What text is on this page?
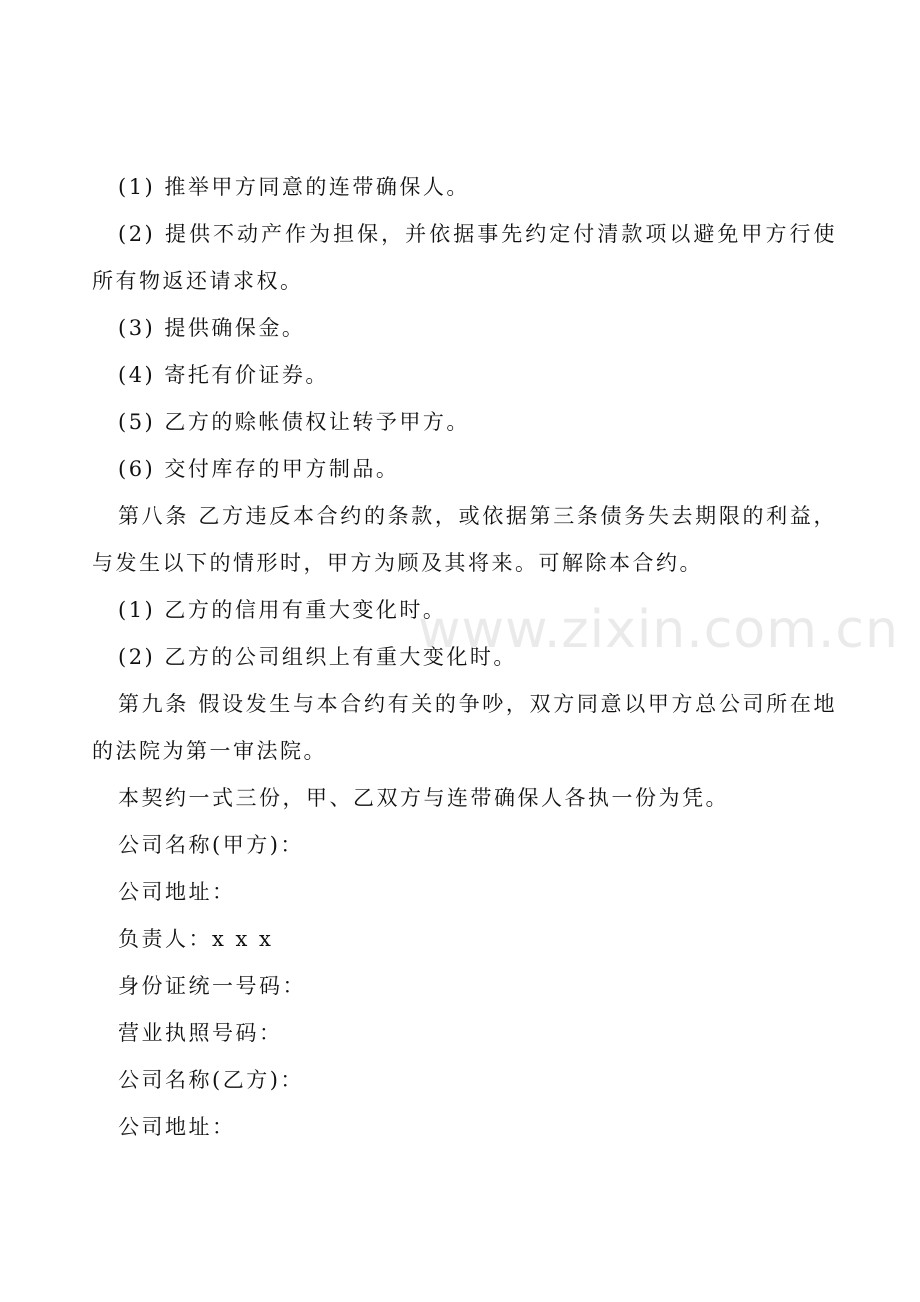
(1) 推举甲方同意的连带确保人。

(2) 提供不动产作为担保，并依据事先约定付清款项以避免甲方行使所有物返还请求权。

(3) 提供确保金。

(4) 寄托有价证券。

(5) 乙方的赊帐债权让转予甲方。

(6) 交付库存的甲方制品。

第八条 乙方违反本合约的条款，或依据第三条债务失去期限的利益，与发生以下的情形时，甲方为顾及其将来。可解除本合约。

(1) 乙方的信用有重大变化时。

(2) 乙方的公司组织上有重大变化时。

第九条 假设发生与本合约有关的争吵，双方同意以甲方总公司所在地的法院为第一审法院。

本契约一式三份，甲、乙双方与连带确保人各执一份为凭。

公司名称(甲方)：

公司地址：

负责人：x x x

身份证统一号码：

营业执照号码：

公司名称(乙方)：

公司地址：

www.zixin.com.cn
